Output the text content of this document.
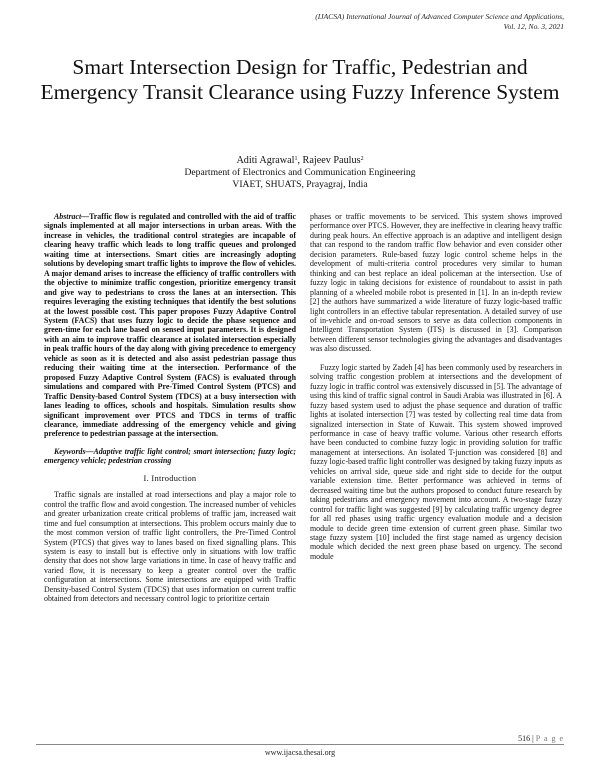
(IJACSA) International Journal of Advanced Computer Science and Applications,
Vol. 12, No. 3, 2021
Smart Intersection Design for Traffic, Pedestrian and Emergency Transit Clearance using Fuzzy Inference System
Aditi Agrawal$^1$, Rajeev Paulus$^2$
Department of Electronics and Communication Engineering
VIAET, SHUATS, Prayagraj, India

Abstract—Traffic flow is regulated and controlled with the aid of traffic signals implemented at all major intersections in urban areas. With the increase in vehicles, the traditional control strategies are incapable of clearing heavy traffic which leads to long traffic queues and prolonged waiting time at intersections. Smart cities are increasingly adopting solutions by developing smart traffic lights to improve the flow of vehicles. A major demand arises to increase the efficiency of traffic controllers with the objective to minimize traffic congestion, prioritize emergency transit and give way to pedestrians to cross the lanes at an intersection. This requires leveraging the existing techniques that identify the best solutions at the lowest possible cost. This paper proposes Fuzzy Adaptive Control System (FACS) that uses fuzzy logic to decide the phase sequence and green-time for each lane based on sensed input parameters. It is designed with an aim to improve traffic clearance at isolated intersection especially in peak traffic hours of the day along with giving precedence to emergency vehicle as soon as it is detected and also assist pedestrian passage thus reducing their waiting time at the intersection. Performance of the proposed Fuzzy Adaptive Control System (FACS) is evaluated through simulations and compared with Pre-Timed Control System (PTCS) and Traffic Density-based Control System (TDCS) at a busy intersection with lanes leading to offices, schools and hospitals. Simulation results show significant improvement over PTCS and TDCS in terms of traffic clearance, immediate addressing of the emergency vehicle and giving preference to pedestrian passage at the intersection.

Keywords—Adaptive traffic light control; smart intersection; fuzzy logic; emergency vehicle; pedestrian crossing

I. Introduction

Traffic signals are installed at road intersections and play a major role to control the traffic flow and avoid congestion. The increased number of vehicles and greater urbanization create critical problems of traffic jam, increased wait time and fuel consumption at intersections. This problem occurs mainly due to the most common version of traffic light controllers, the Pre-Timed Control System (PTCS) that gives way to lanes based on fixed signalling plans. This system is easy to install but is effective only in situations with low traffic density that does not show large variations in time. In case of heavy traffic and varied flow, it is necessary to keep a greater control over the traffic configuration at intersections. Some intersections are equipped with Traffic Density-based Control System (TDCS) that uses information on current traffic obtained from detectors and necessary control logic to prioritize certain

phases or traffic movements to be serviced. This system shows improved performance over PTCS. However, they are ineffective in clearing heavy traffic during peak hours. An effective approach is an adaptive and intelligent design that can respond to the random traffic flow behavior and even consider other decision parameters. Rule-based fuzzy logic control scheme helps in the development of multi-criteria control procedures very similar to human thinking and can best replace an ideal policeman at the intersection. Use of fuzzy logic in taking decisions for existence of roundabout to assist in path planning of a wheeled mobile robot is presented in [1]. In an in-depth review [2] the authors have summarized a wide literature of fuzzy logic-based traffic light controllers in an effective tabular representation. A detailed survey of use of in-vehicle and on-road sensors to serve as data collection components in Intelligent Transportation System (ITS) is discussed in [3]. Comparison between different sensor technologies giving the advantages and disadvantages was also discussed.

Fuzzy logic started by Zadeh [4] has been commonly used by researchers in solving traffic congestion problem at intersections and the development of fuzzy logic in traffic control was extensively discussed in [5]. The advantage of using this kind of traffic signal control in Saudi Arabia was illustrated in [6]. A fuzzy based system used to adjust the phase sequence and duration of traffic lights at isolated intersection [7] was tested by collecting real time data from signalized intersection in State of Kuwait. This system showed improved performance in case of heavy traffic volume. Various other research efforts have been conducted to combine fuzzy logic in providing solution for traffic management at intersections. An isolated T-junction was considered [8] and fuzzy logic-based traffic light controller was designed by taking fuzzy inputs as vehicles on arrival side, queue side and right side to decide for the output variable extension time. Better performance was achieved in terms of decreased waiting time but the authors proposed to conduct future research by taking pedestrians and emergency movement into account. A two-stage fuzzy control for traffic light was suggested [9] by calculating traffic urgency degree for all red phases using traffic urgency evaluation module and a decision module to decide green time extension of current green phase. Similar two stage fuzzy system [10] included the first stage named as urgency decision module which decided the next green phase based on urgency. The second module

516 | P a g e
www.ijacsa.thesai.org
